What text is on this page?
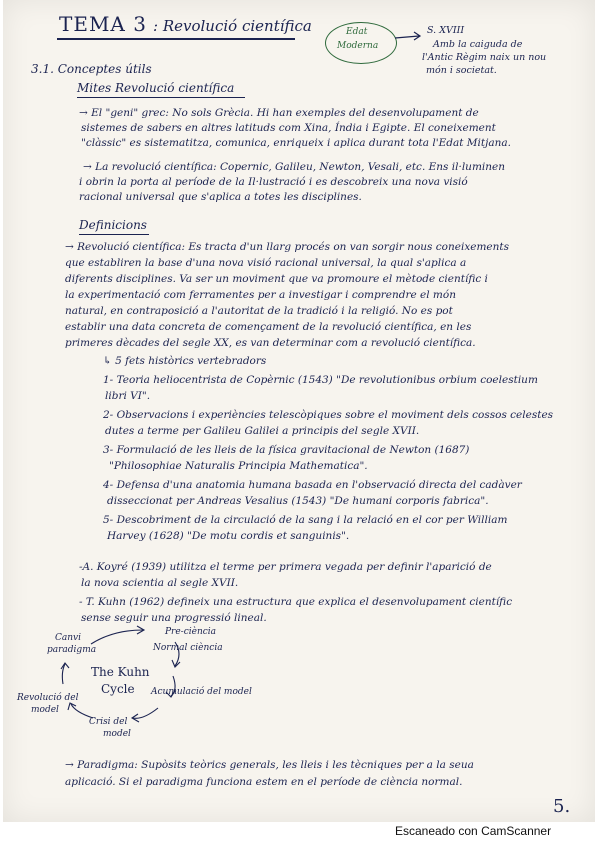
TEMA 3 : Revolució científica	Edat
Moderna
S. XVIII
Amb la caiguda de
l'Antic Règim naix un nou
món i societat.
3.1. Conceptes útils
Mites Revolució científica
→ El "geni" grec: No sols Grècia. Hi han exemples del desenvolupament de
sistemes de sabers en altres latituds com Xina, Índia i Egipte. El coneixement
"clàssic" es sistematitza, comunica, enriqueix i aplica durant tota l'Edat Mitjana.
→ La revolució científica: Copernic, Galileu, Newton, Vesali, etc. Ens il·luminen
i obrin la porta al període de la Il·lustració i es descobreix una nova visió
racional universal que s'aplica a totes les disciplines.
Definicions
→ Revolució científica: Es tracta d'un llarg procés on van sorgir nous coneixements
que establiren la base d'una nova visió racional universal, la qual s'aplica a
diferents disciplines. Va ser un moviment que va promoure el mètode científic i
la experimentació com ferramentes per a investigar i comprendre el món
natural, en contraposició a l'autoritat de la tradició i la religió. No es pot
establir una data concreta de començament de la revolució científica, en les
primeres dècades del segle XX, es van determinar com a revolució científica.
↳ 5 fets històrics vertebradors
1- Teoria heliocentrista de Copèrnic (1543) "De revolutionibus orbium coelestium
libri VI".
2- Observacions i experiències telescòpiques sobre el moviment dels cossos celestes
dutes a terme per Galileu Galilei a principis del segle XVII.
3- Formulació de les lleis de la física gravitacional de Newton (1687)
"Philosophiae Naturalis Principia Mathematica".
4- Defensa d'una anatomia humana basada en l'observació directa del cadàver
disseccionat per Andreas Vesalius (1543) "De humani corporis fabrica".
5- Descobriment de la circulació de la sang i la relació en el cor per William
Harvey (1628) "De motu cordis et sanguinis".
-A. Koyré (1939) utilitza el terme per primera vegada per definir l'aparició de
la nova scientia al segle XVII.
- T. Kuhn (1962) defineix una estructura que explica el desenvolupament científic
sense seguir una progressió lineal.
Canvi
paradigma
Pre-ciència
Normal ciència
The Kuhn
Cycle Acumulació del model
Revolució del
model
Crisi del
model
→ Paradigma: Supòsits teòrics generals, les lleis i les tècniques per a la seua
aplicació. Si el paradigma funciona estem en el període de ciència normal.
5.
Escaneado con CamScanner
